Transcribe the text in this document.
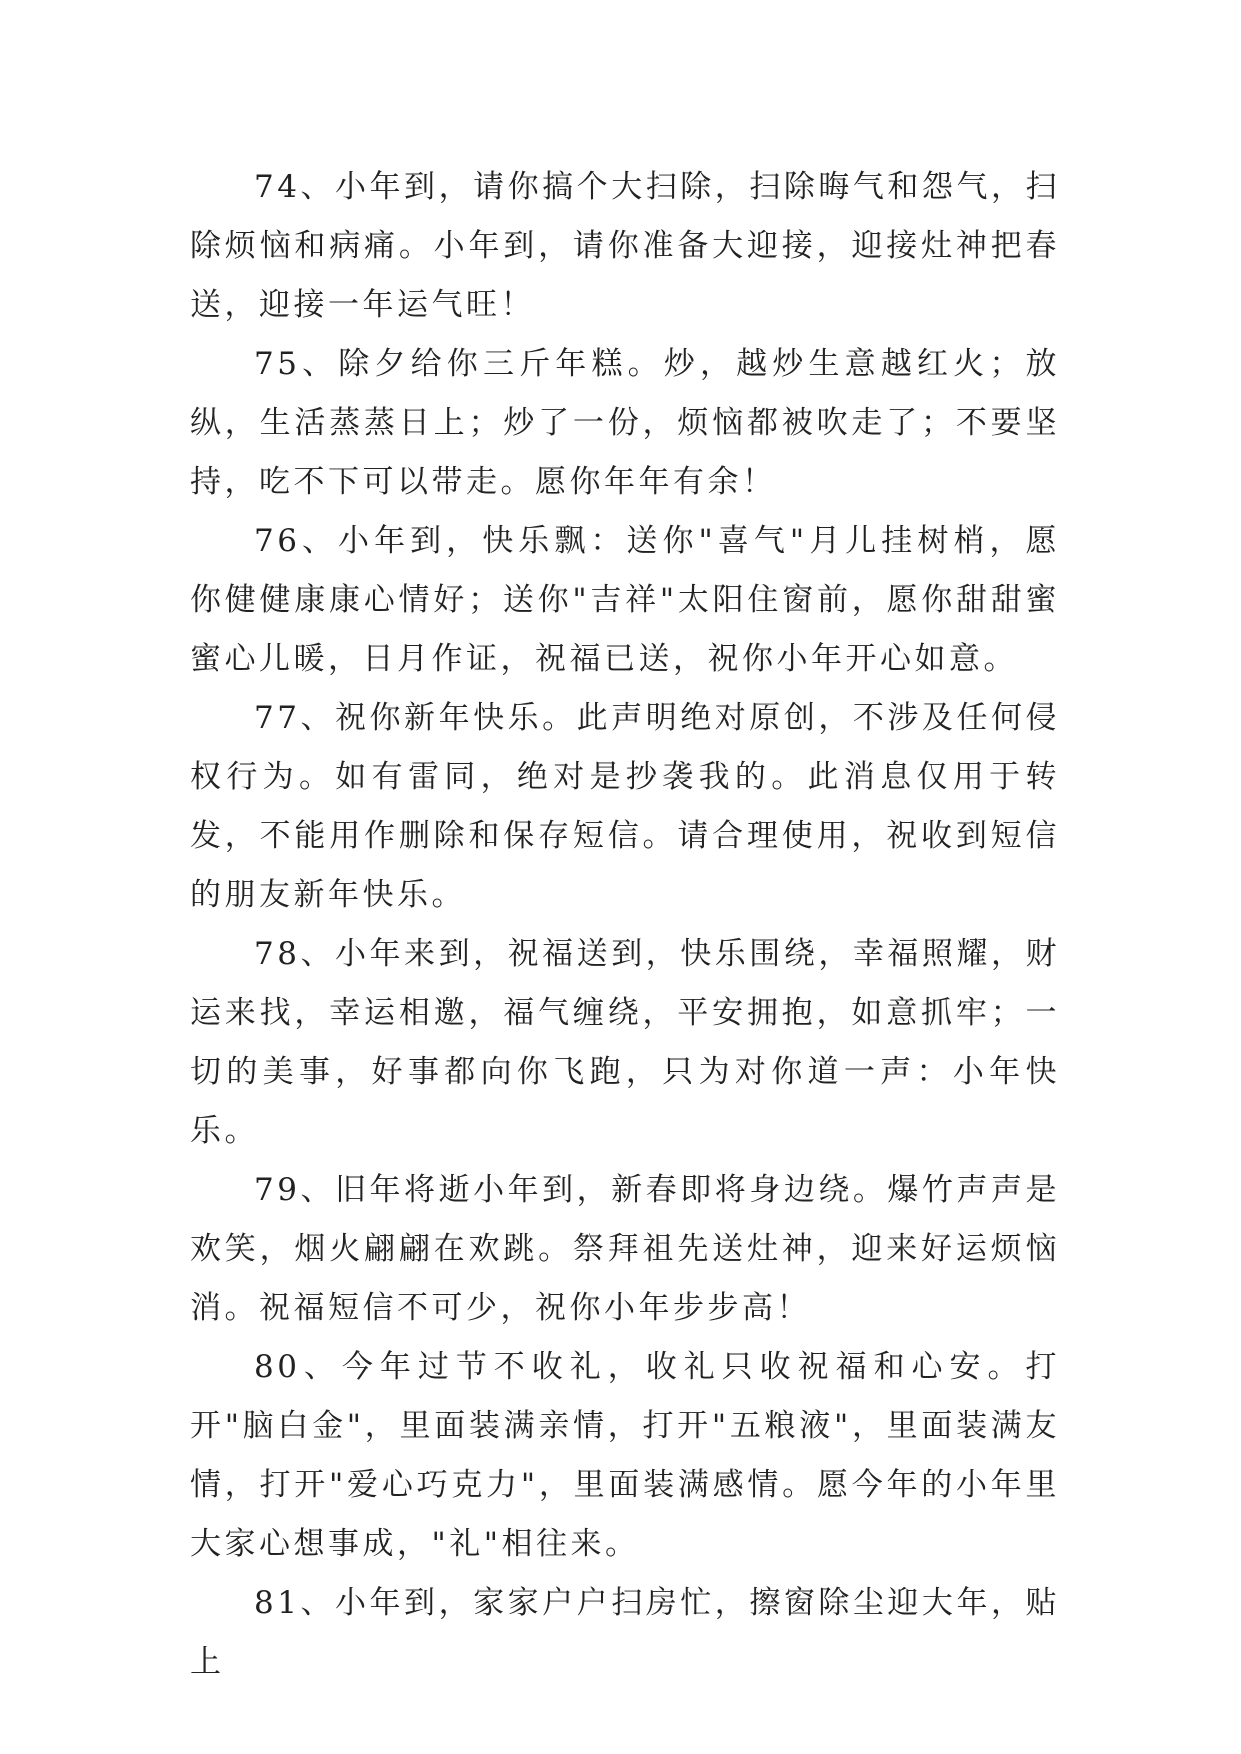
74、小年到，请你搞个大扫除，扫除晦气和怨气，扫除烦恼和病痛。小年到，请你准备大迎接，迎接灶神把春送，迎接一年运气旺！

75、除夕给你三斤年糕。炒，越炒生意越红火；放纵，生活蒸蒸日上；炒了一份，烦恼都被吹走了；不要坚持，吃不下可以带走。愿你年年有余！

76、小年到，快乐飘：送你"喜气"月儿挂树梢，愿你健健康康心情好；送你"吉祥"太阳住窗前，愿你甜甜蜜蜜心儿暖，日月作证，祝福已送，祝你小年开心如意。

77、祝你新年快乐。此声明绝对原创，不涉及任何侵权行为。如有雷同，绝对是抄袭我的。此消息仅用于转发，不能用作删除和保存短信。请合理使用，祝收到短信的朋友新年快乐。

78、小年来到，祝福送到，快乐围绕，幸福照耀，财运来找，幸运相邀，福气缠绕，平安拥抱，如意抓牢；一切的美事，好事都向你飞跑，只为对你道一声：小年快乐。

79、旧年将逝小年到，新春即将身边绕。爆竹声声是欢笑，烟火翩翩在欢跳。祭拜祖先送灶神，迎来好运烦恼消。祝福短信不可少，祝你小年步步高！

80、今年过节不收礼，收礼只收祝福和心安。打开"脑白金"，里面装满亲情，打开"五粮液"，里面装满友情，打开"爱心巧克力"，里面装满感情。愿今年的小年里大家心想事成，"礼"相往来。

81、小年到，家家户户扫房忙，擦窗除尘迎大年，贴上
